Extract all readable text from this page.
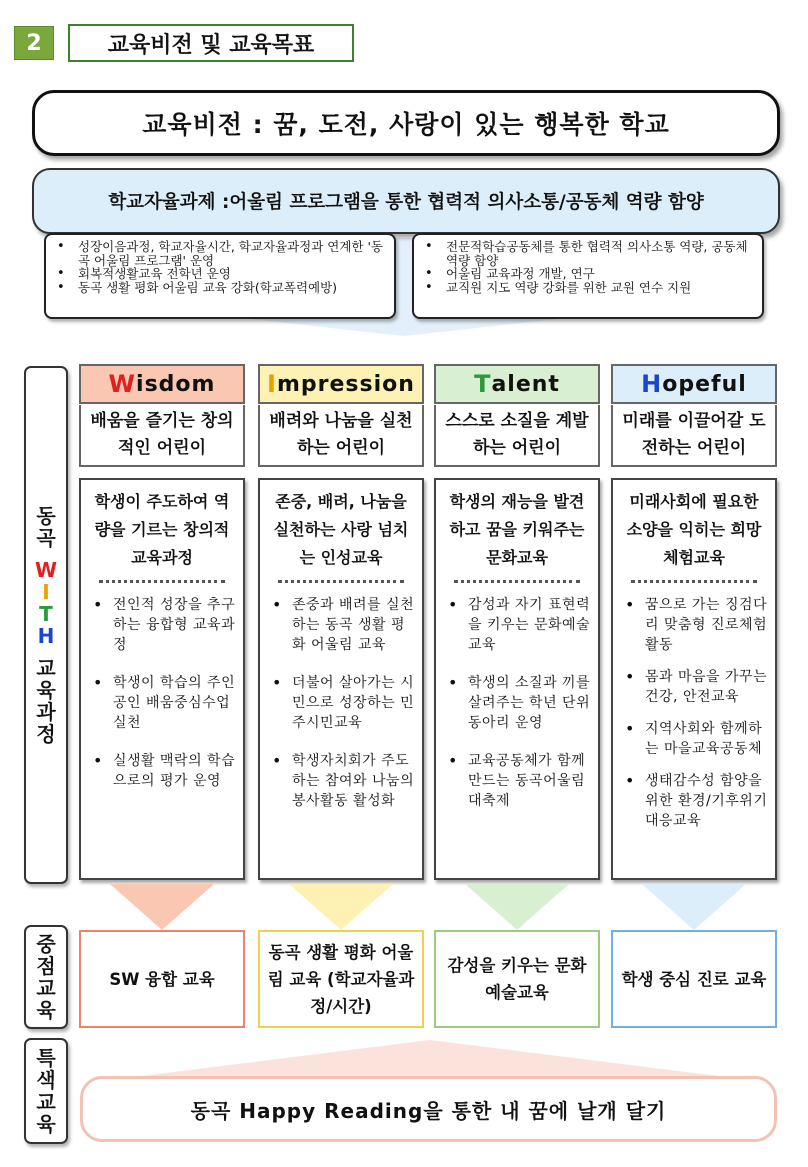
2	교육비전 및 교육목표
교육비전 : 꿈, 도전, 사랑이 있는 행복한 학교
학교자율과제 :어울림 프로그램을 통한 협력적 의사소통/공동체 역량 함양
• 성장이음과정, 학교자율시간, 학교자율과정과 연계한 '동곡 어울림 프로그램' 운영
• 회복적생활교육 전학년 운영
• 동곡 생활 평화 어울림 교육 강화(학교폭력예방)
• 전문적학습공동체를 통한 협력적 의사소통 역량, 공동체 역량 함양
• 어울림 교육과정 개발, 연구
• 교직원 지도 역량 강화를 위한 교원 연수 지원
동
곡
W
I
T
H
교
육
과
정
W isdom I mpression T alent	H opeful
배움을 즐기는 창의적인 어린이
배려와 나눔을 실천하는 어린이
스스로 소질을 계발하는 어린이
미래를 이끌어갈 도전하는 어린이
학생이 주도하여 역량을 기르는 창의적 교육과정
• 전인적 성장을 추구하는 융합형 교육과정
• 학생이 학습의 주인공인 배움중심수업 실천
• 실생활 맥락의 학습으로의 평가 운영
존중, 배려, 나눔을 실천하는 사랑 넘치는 인성교육
• 존중과 배려를 실천하는 동곡 생활 평화 어울림 교육
• 더불어 살아가는 시민으로 성장하는 민주시민교육
• 학생자치회가 주도하는 참여와 나눔의 봉사활동 활성화
학생의 재능을 발견하고 꿈을 키워주는 문화교육
• 감성과 자기 표현력을 키우는 문화예술교육
• 학생의 소질과 끼를 살려주는 학년 단위 동아리 운영
• 교육공동체가 함께 만드는 동곡어울림 대축제
미래사회에 필요한 소양을 익히는 희망체험교육
• 꿈으로 가는 징검다리 맞춤형 진로체험활동
• 몸과 마음을 가꾸는 건강, 안전교육
• 지역사회와 함께하는 마을교육공동체
• 생태감수성 함양을 위한 환경/기후위기 대응교육
중
점
교
육
SW 융합 교육
동곡 생활 평화 어울림 교육 (학교자율과정/시간)
감성을 키우는 문화예술교육
학생 중심 진로 교육
특
색
교
육
동곡 Happy Reading을 통한 내 꿈에 날개 달기
